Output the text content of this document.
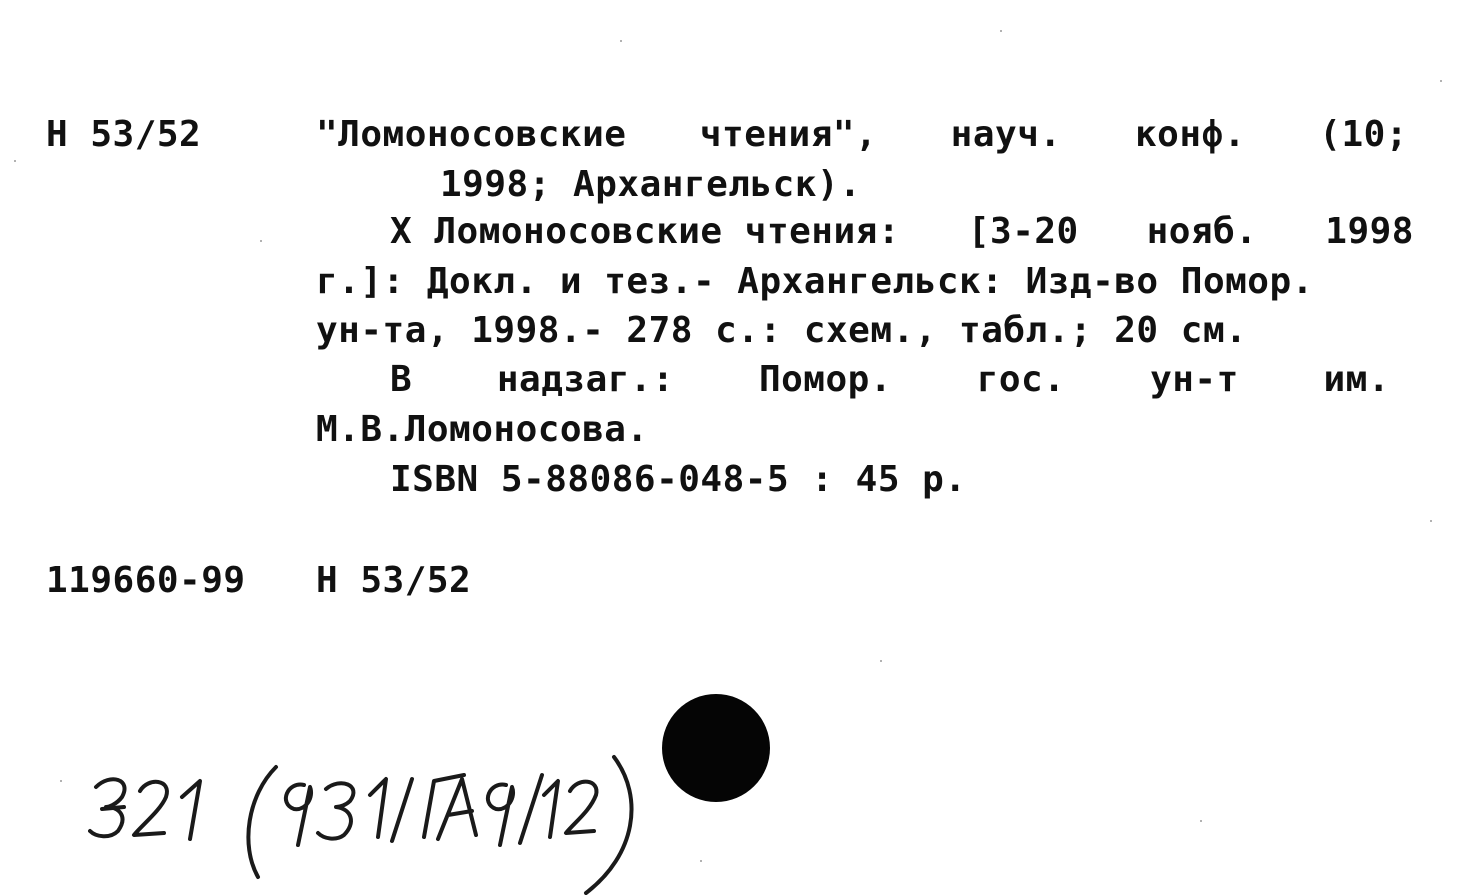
Н 53/52	"Ломоносовские чтения", науч. конф. (10;
1998; Архангельск).
X Ломоносовские чтения: [3-20 нояб. 1998
г.]: Докл. и тез.- Архангельск: Изд-во Помор.
ун-та, 1998.- 278 с.: схем., табл.; 20 см.
В надзаг.: Помор. гос. ун-т им.
М.В.Ломоносова.
ISBN 5-88086-048-5 : 45 р.
119660-99 Н 53/52
